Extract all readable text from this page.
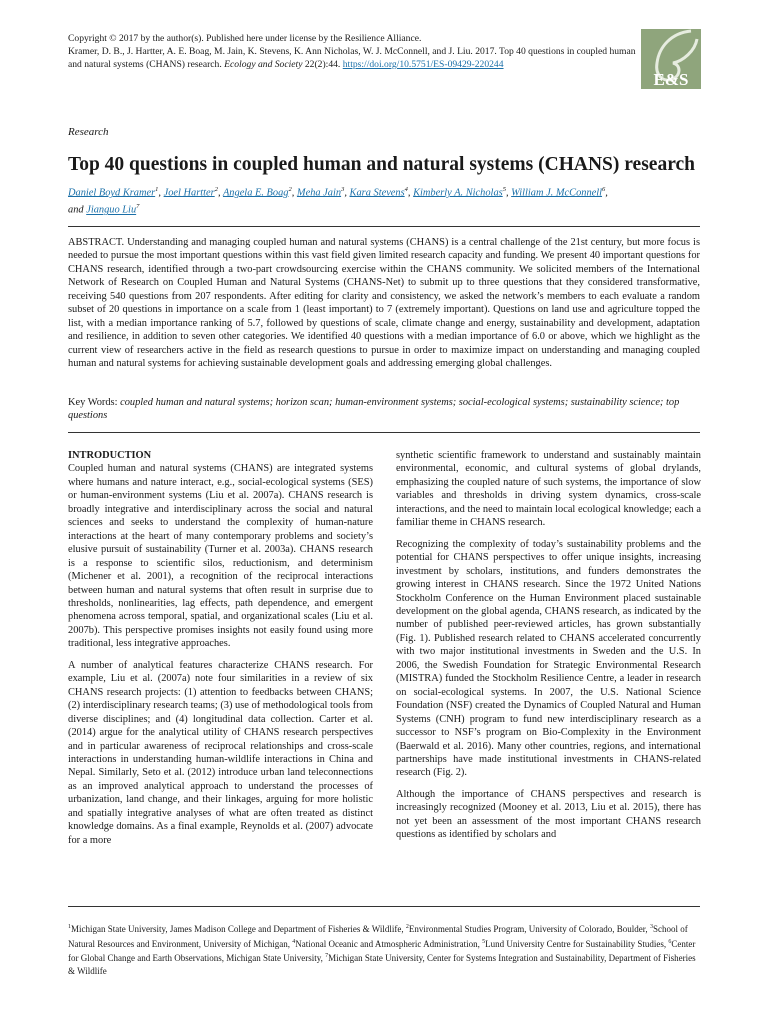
Copyright © 2017 by the author(s). Published here under license by the Resilience Alliance.
Kramer, D. B., J. Hartter, A. E. Boag, M. Jain, K. Stevens, K. Ann Nicholas, W. J. McConnell, and J. Liu. 2017. Top 40 questions in coupled human and natural systems (CHANS) research. Ecology and Society 22(2):44. https://doi.org/10.5751/ES-09429-220244
E&S
Research
Top 40 questions in coupled human and natural systems (CHANS) research
Daniel Boyd Kramer$^1$, Joel Hartter$^2$, Angela E. Boag$^2$, Meha Jain$^3$, Kara Stevens$^4$, Kimberly A. Nicholas$^5$, William J. McConnell$^6$,
and Jianguo Liu$^7$
ABSTRACT. Understanding and managing coupled human and natural systems (CHANS) is a central challenge of the 21st century, but more focus is needed to pursue the most important questions within this vast field given limited research capacity and funding. We present 40 important questions for CHANS research, identified through a two-part crowdsourcing exercise within the CHANS community. We solicited members of the International Network of Research on Coupled Human and Natural Systems (CHANS-Net) to submit up to three questions that they considered transformative, receiving 540 questions from 207 respondents. After editing for clarity and consistency, we asked the network’s members to each evaluate a random subset of 20 questions in importance on a scale from 1 (least important) to 7 (extremely important). Questions on land use and agriculture topped the list, with a median importance ranking of 5.7, followed by questions of scale, climate change and energy, sustainability and development, adaptation and resilience, in addition to seven other categories. We identified 40 questions with a median importance of 6.0 or above, which we highlight as the current view of researchers active in the field as research questions to pursue in order to maximize impact on understanding and managing coupled human and natural systems for achieving sustainable development goals and addressing emerging global challenges.
Key Words: coupled human and natural systems; horizon scan; human-environment systems; social-ecological systems; sustainability science; top questions

INTRODUCTION

Coupled human and natural systems (CHANS) are integrated systems where humans and nature interact, e.g., social-ecological systems (SES) or human-environment systems (Liu et al. 2007a). CHANS research is broadly integrative and interdisciplinary across the social and natural sciences and seeks to understand the complexity of human-nature interactions at the heart of many contemporary problems and society’s elusive pursuit of sustainability (Turner et al. 2003a). CHANS research is a response to scientific silos, reductionism, and determinism (Michener et al. 2001), a recognition of the reciprocal interactions between human and natural systems that often result in surprise due to thresholds, nonlinearities, lag effects, path dependence, and emergent phenomena across temporal, spatial, and organizational scales (Liu et al. 2007b). This perspective promises insights not easily found using more traditional, less integrative approaches.

A number of analytical features characterize CHANS research. For example, Liu et al. (2007a) note four similarities in a review of six CHANS research projects: (1) attention to feedbacks between CHANS; (2) interdisciplinary research teams; (3) use of methodological tools from diverse disciplines; and (4) longitudinal data collection. Carter et al. (2014) argue for the analytical utility of CHANS research perspectives and in particular awareness of reciprocal relationships and cross-scale interactions in understanding human-wildlife interactions in China and Nepal. Similarly, Seto et al. (2012) introduce urban land teleconnections as an improved analytical approach to understand the processes of urbanization, land change, and their linkages, arguing for more holistic and spatially integrative analyses of what are often treated as distinct knowledge domains. As a final example, Reynolds et al. (2007) advocate for a more

synthetic scientific framework to understand and sustainably maintain environmental, economic, and cultural systems of global drylands, emphasizing the coupled nature of such systems, the importance of slow variables and thresholds in driving system dynamics, cross-scale interactions, and the need to maintain local ecological knowledge; each a familiar theme in CHANS research.

Recognizing the complexity of today’s sustainability problems and the potential for CHANS perspectives to offer unique insights, increasing investment by scholars, institutions, and funders demonstrates the growing interest in CHANS research. Since the 1972 United Nations Stockholm Conference on the Human Environment placed sustainable development on the global agenda, CHANS research, as indicated by the number of published peer-reviewed articles, has grown substantially (Fig. 1). Published research related to CHANS accelerated concurrently with two major institutional investments in Sweden and the U.S. In 2006, the Swedish Foundation for Strategic Environmental Research (MISTRA) funded the Stockholm Resilience Centre, a leader in research on social-ecological systems. In 2007, the U.S. National Science Foundation (NSF) created the Dynamics of Coupled Natural and Human Systems (CNH) program to fund new interdisciplinary research as a successor to NSF’s program on Bio-Complexity in the Environment (Baerwald et al. 2016). Many other countries, regions, and international partnerships have made institutional investments in CHANS-related research (Fig. 2).

Although the importance of CHANS perspectives and research is increasingly recognized (Mooney et al. 2013, Liu et al. 2015), there has not yet been an assessment of the most important CHANS research questions as identified by scholars and

$^1$Michigan State University, James Madison College and Department of Fisheries & Wildlife, $^2$Environmental Studies Program, University of Colorado, Boulder, $^3$School of Natural Resources and Environment, University of Michigan, $^4$National Oceanic and Atmospheric Administration, $^5$Lund University Centre for Sustainability Studies, $^6$Center for Global Change and Earth Observations, Michigan State University, $^7$Michigan State University, Center for Systems Integration and Sustainability, Department of Fisheries & Wildlife
